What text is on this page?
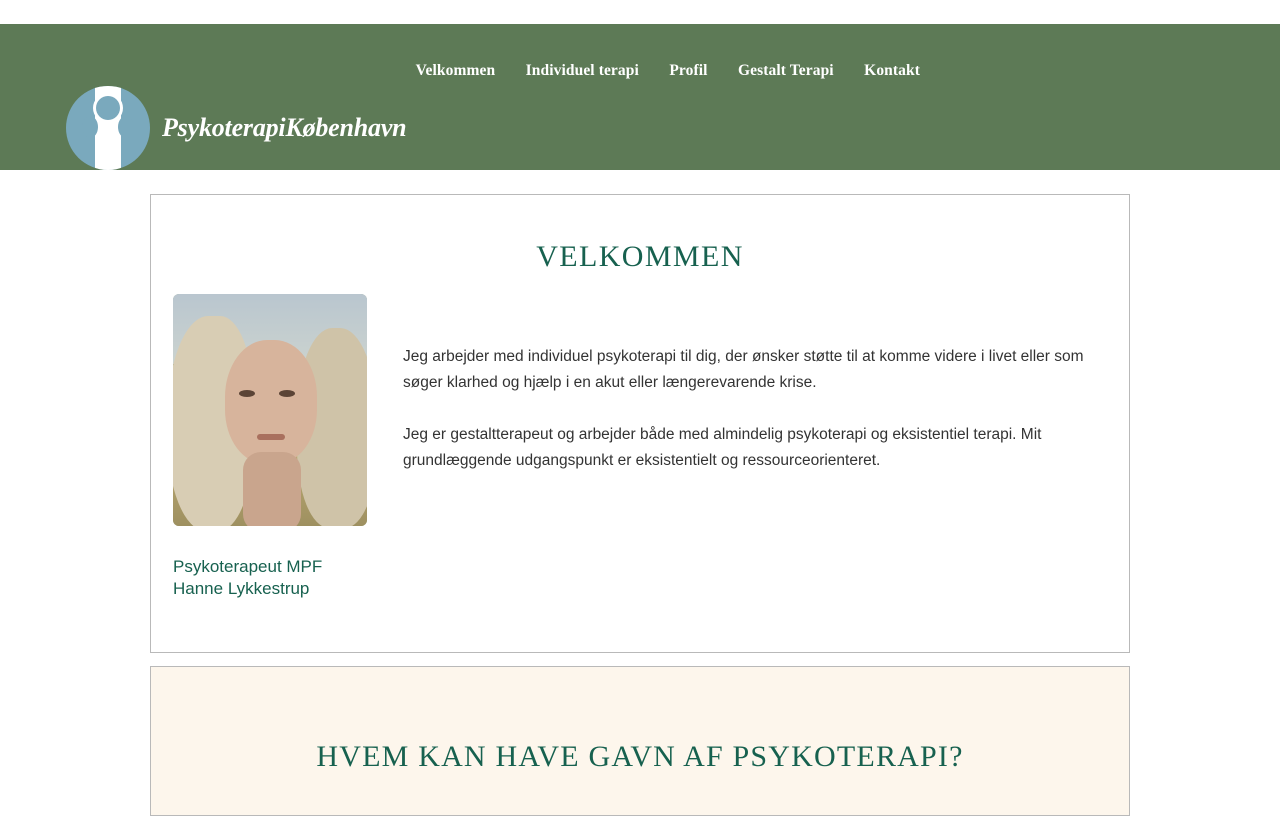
Velkommen Individuel terapi Profil Gestalt Terapi Kontakt
PsykoterapiKøbenhavn
VELKOMMEN
Psykoterapeut MPF
Hanne Lykkestrup

Jeg arbejder med individuel psykoterapi til dig, der ønsker støtte til at komme videre i livet eller som søger klarhed og hjælp i en akut eller længerevarende krise.

Jeg er gestaltterapeut og arbejder både med almindelig psykoterapi og eksistentiel terapi. Mit grundlæggende udgangspunkt er eksistentielt og ressourceorienteret.

HVEM KAN HAVE GAVN AF PSYKOTERAPI?
